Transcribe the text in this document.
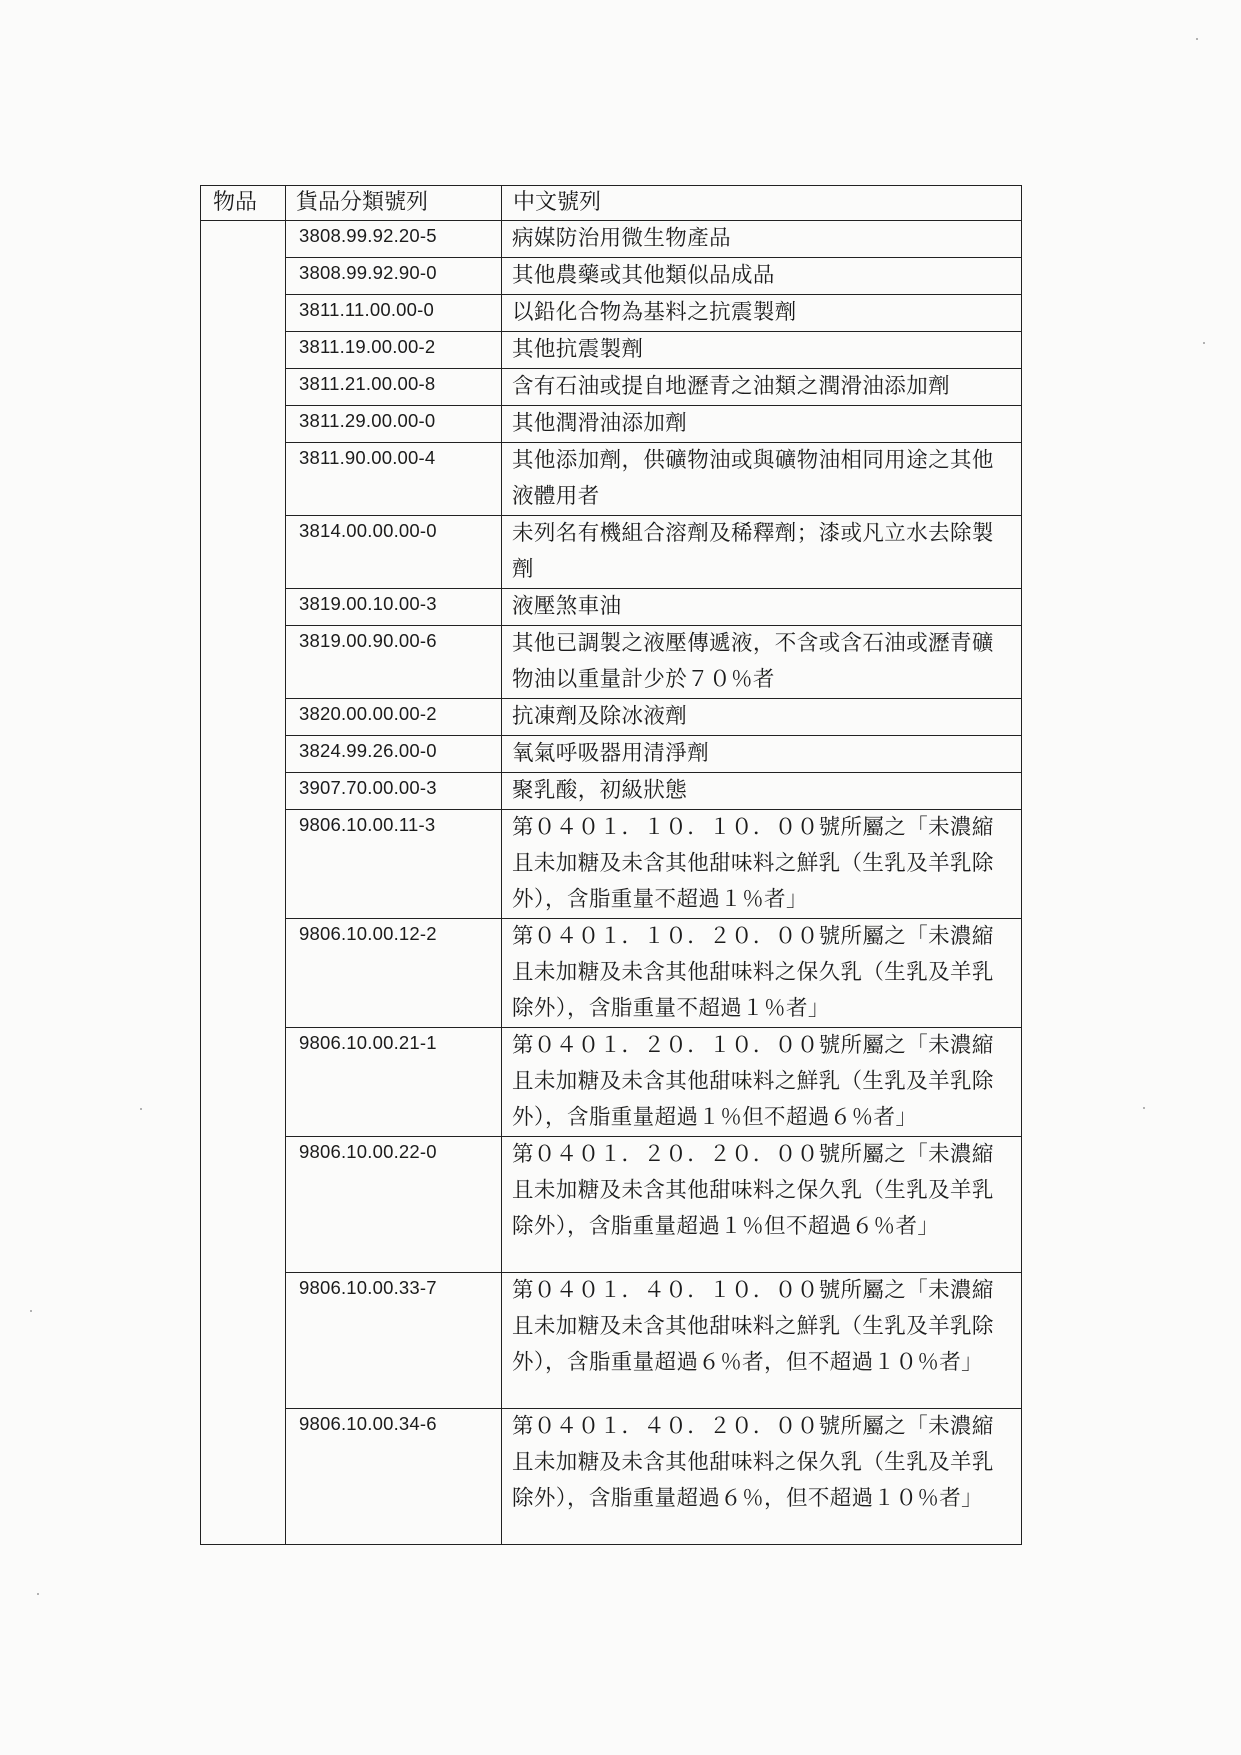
物品	貨品分類號列	中文號列
	3808.99.92.20-5	病媒防治用微生物產品
	3808.99.92.90-0	其他農藥或其他類似品成品
	3811.11.00.00-0	以鉛化合物為基料之抗震製劑
	3811.19.00.00-2	其他抗震製劑
	3811.21.00.00-8	含有石油或提自地瀝青之油類之潤滑油添加劑
	3811.29.00.00-0	其他潤滑油添加劑
	3811.90.00.00-4	其他添加劑，供礦物油或與礦物油相同用途之其他液體用者
	3814.00.00.00-0	未列名有機組合溶劑及稀釋劑；漆或凡立水去除製劑
	3819.00.10.00-3	液壓煞車油
	3819.00.90.00-6	其他已調製之液壓傳遞液，不含或含石油或瀝青礦物油以重量計少於７０％者
	3820.00.00.00-2	抗凍劑及除冰液劑
	3824.99.26.00-0	氧氣呼吸器用清淨劑
	3907.70.00.00-3	聚乳酸，初級狀態
	9806.10.00.11-3	第０４０１．１０．１０．００號所屬之「未濃縮且未加糖及未含其他甜味料之鮮乳（生乳及羊乳除外），含脂重量不超過１％者」
	9806.10.00.12-2	第０４０１．１０．２０．００號所屬之「未濃縮且未加糖及未含其他甜味料之保久乳（生乳及羊乳除外），含脂重量不超過１％者」
	9806.10.00.21-1	第０４０１．２０．１０．００號所屬之「未濃縮且未加糖及未含其他甜味料之鮮乳（生乳及羊乳除外），含脂重量超過１％但不超過６％者」
	9806.10.00.22-0	第０４０１．２０．２０．００號所屬之「未濃縮且未加糖及未含其他甜味料之保久乳（生乳及羊乳除外），含脂重量超過１％但不超過６％者」
	9806.10.00.33-7	第０４０１．４０．１０．００號所屬之「未濃縮且未加糖及未含其他甜味料之鮮乳（生乳及羊乳除外），含脂重量超過６％者，但不超過１０％者」
	9806.10.00.34-6	第０４０１．４０．２０．００號所屬之「未濃縮且未加糖及未含其他甜味料之保久乳（生乳及羊乳除外），含脂重量超過６％，但不超過１０％者」
